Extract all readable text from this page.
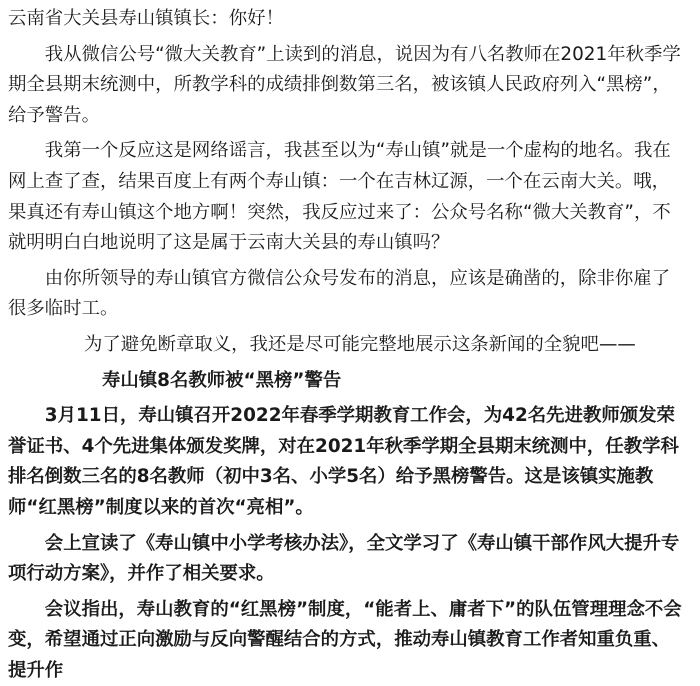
云南省大关县寿山镇镇长：你好！

我从微信公号“微大关教育”上读到的消息，说因为有八名教师在2021年秋季学期全县期末统测中，所教学科的成绩排倒数第三名，被该镇人民政府列入“黑榜”，给予警告。

我第一个反应这是网络谣言，我甚至以为“寿山镇”就是一个虚构的地名。我在网上查了查，结果百度上有两个寿山镇：一个在吉林辽源，一个在云南大关。哦，果真还有寿山镇这个地方啊！突然，我反应过来了：公众号名称“微大关教育”，不就明明白白地说明了这是属于云南大关县的寿山镇吗？

由你所领导的寿山镇官方微信公众号发布的消息，应该是确凿的，除非你雇了很多临时工。

为了避免断章取义，我还是尽可能完整地展示这条新闻的全貌吧——

寿山镇8名教师被“黑榜”警告

3月11日，寿山镇召开2022年春季学期教育工作会，为42名先进教师颁发荣誉证书、4个先进集体颁发奖牌，对在2021年秋季学期全县期末统测中，任教学科排名倒数三名的8名教师（初中3名、小学5名）给予黑榜警告。这是该镇实施教师“红黑榜”制度以来的首次“亮相”。

会上宣读了《寿山镇中小学考核办法》，全文学习了《寿山镇干部作风大提升专项行动方案》，并作了相关要求。

会议指出，寿山教育的“红黑榜”制度，“能者上、庸者下”的队伍管理理念不会变，希望通过正向激励与反向警醒结合的方式，推动寿山镇教育工作者知重负重、提升作
